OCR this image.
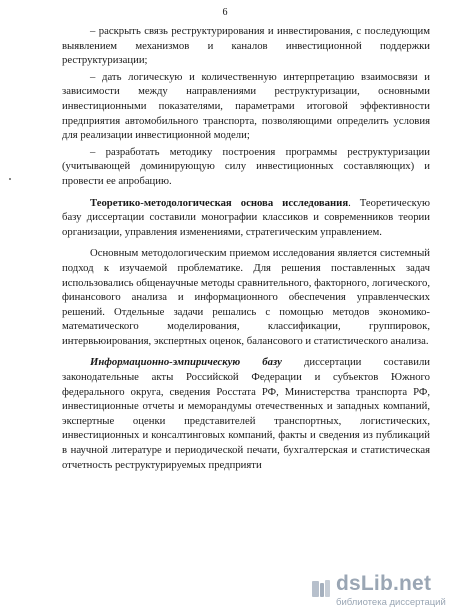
6

– раскрыть связь реструктурирования и инвестирования, с последующим выявлением механизмов и каналов инвестиционной поддержки реструктуризации;

– дать логическую и количественную интерпретацию взаимосвязи и зависимости между направлениями реструктуризации, основными инвестиционными показателями, параметрами итоговой эффективности предприятия автомобильного транспорта, позволяющими определить условия для реализации инвестиционной модели;

– разработать методику построения программы реструктуризации (учитывающей доминирующую силу инвестиционных составляющих) и провести ее апробацию.

Теоретико-методологическая основа исследования. Теоретическую базу диссертации составили монографии классиков и современников теории организации, управления изменениями, стратегическим управлением.

Основным методологическим приемом исследования является системный подход к изучаемой проблематике. Для решения поставленных задач использовались общенаучные методы сравнительного, факторного, логического, финансового анализа и информационного обеспечения управленческих решений. Отдельные задачи решались с помощью методов экономико-математического моделирования, классификации, группировок, интервьюирования, экспертных оценок, балансового и статистического анализа.

Информационно-эмпирическую базу диссертации составили законодательные акты Российской Федерации и субъектов Южного федерального округа, сведения Росстата РФ, Министерства транспорта РФ, инвестиционные отчеты и меморандумы отечественных и западных компаний, экспертные оценки представителей транспортных, логистических, инвестиционных и консалтинговых компаний, факты и сведения из публикаций в научной литературе и периодической печати, бухгалтерская и статистическая отчетность реструктурируемых предприяти

dsLib.net
библиотека диссертаций
